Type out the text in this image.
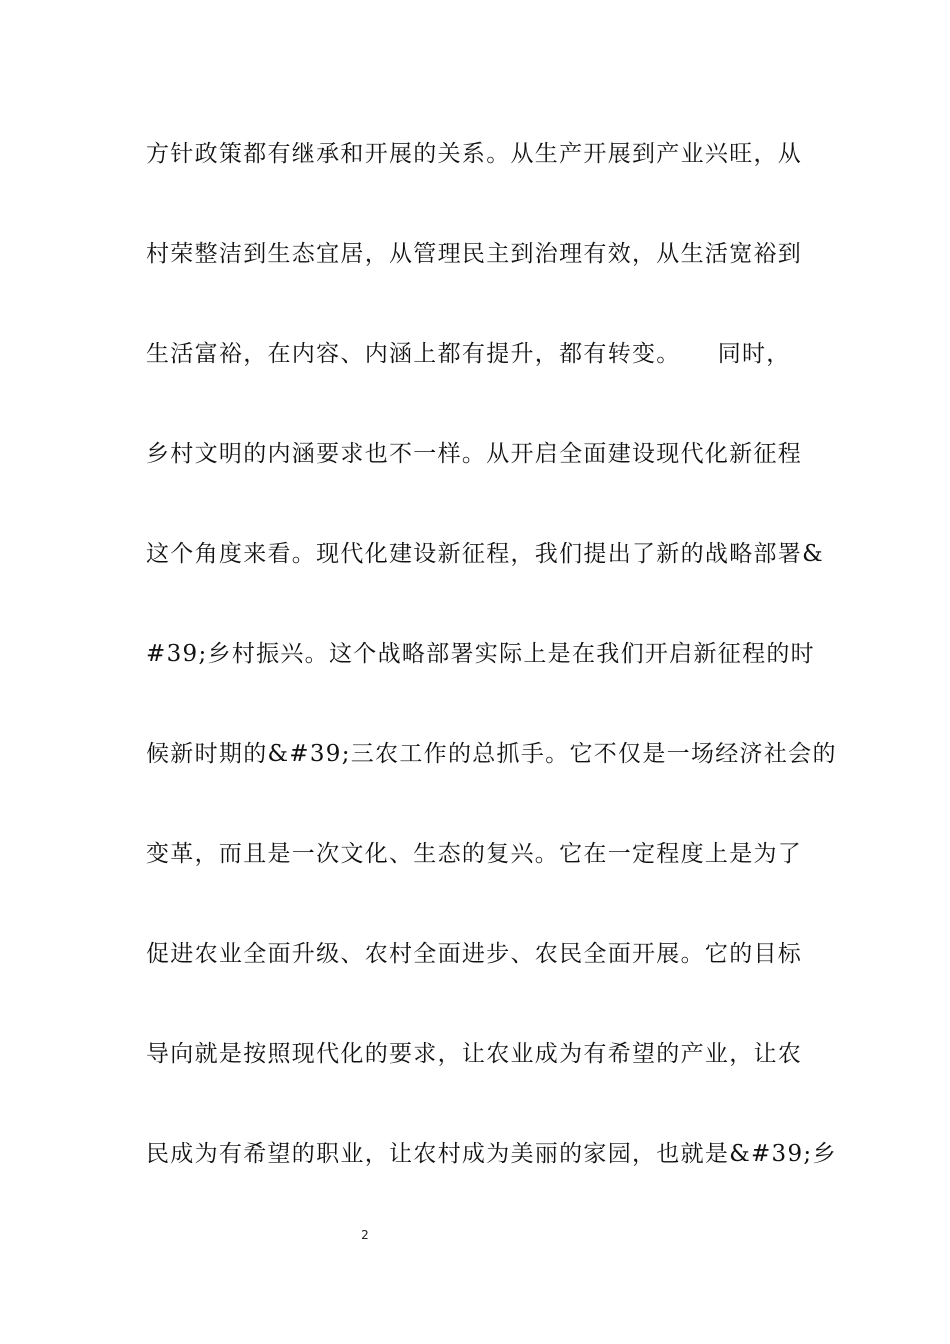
方针政策都有继承和开展的关系。从生产开展到产业兴旺，从
村荣整洁到生态宜居，从管理民主到治理有效，从生活宽裕到
生活富裕，在内容、内涵上都有提升，都有转变。　　同时，
乡村文明的内涵要求也不一样。从开启全面建设现代化新征程
这个角度来看。现代化建设新征程，我们提出了新的战略部署&
#39;乡村振兴。这个战略部署实际上是在我们开启新征程的时
候新时期的&#39;三农工作的总抓手。它不仅是一场经济社会的
变革，而且是一次文化、生态的复兴。它在一定程度上是为了
促进农业全面升级、农村全面进步、农民全面开展。它的目标
导向就是按照现代化的要求，让农业成为有希望的产业，让农
民成为有希望的职业，让农村成为美丽的家园，也就是&#39;乡
2
